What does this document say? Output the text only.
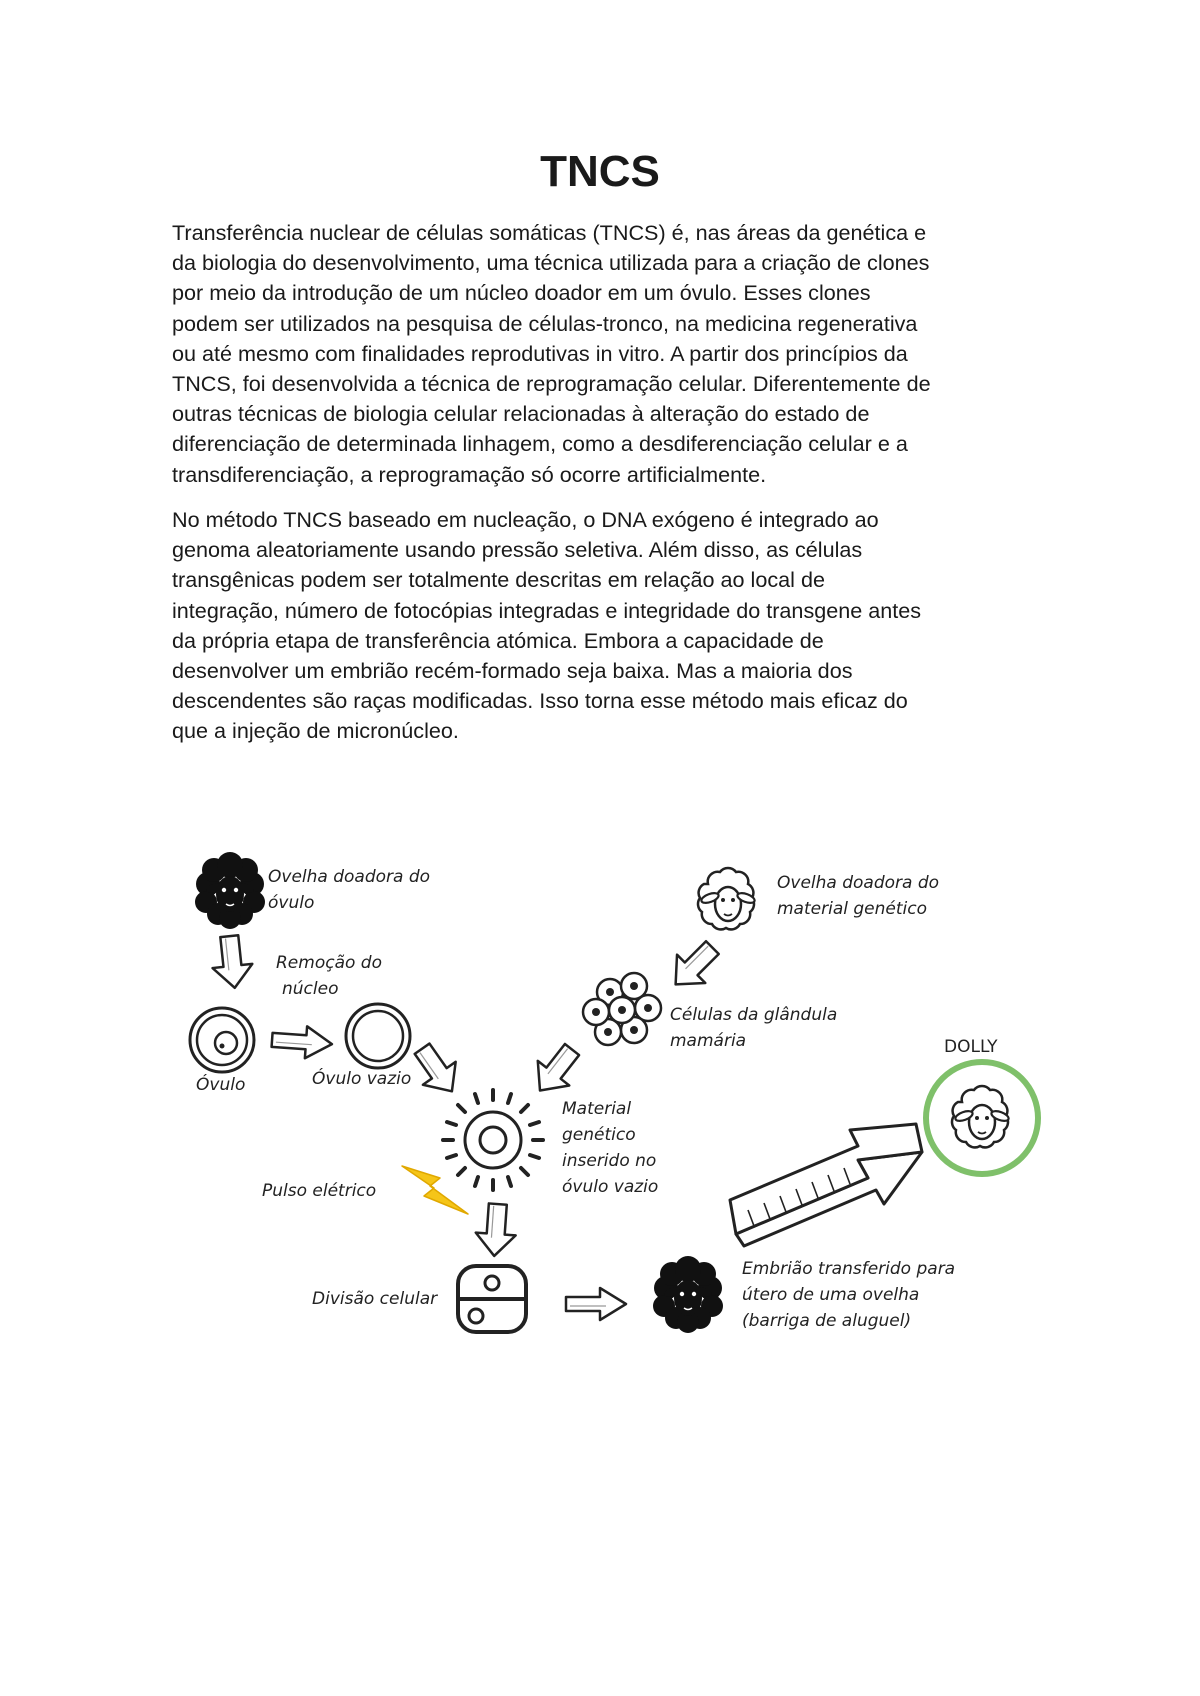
TNCS

Transferência nuclear de células somáticas (TNCS) é, nas áreas da genética e
da biologia do desenvolvimento, uma técnica utilizada para a criação de clones
por meio da introdução de um núcleo doador em um óvulo. Esses clones
podem ser utilizados na pesquisa de células-tronco, na medicina regenerativa
ou até mesmo com finalidades reprodutivas in vitro. A partir dos princípios da
TNCS, foi desenvolvida a técnica de reprogramação celular. Diferentemente de
outras técnicas de biologia celular relacionadas à alteração do estado de
diferenciação de determinada linhagem, como a desdiferenciação celular e a
transdiferenciação, a reprogramação só ocorre artificialmente.

No método TNCS baseado em nucleação, o DNA exógeno é integrado ao
genoma aleatoriamente usando pressão seletiva. Além disso, as células
transgênicas podem ser totalmente descritas em relação ao local de
integração, número de fotocópias integradas e integridade do transgene antes
da própria etapa de transferência atómica. Embora a capacidade de
desenvolver um embrião recém-formado seja baixa. Mas a maioria dos
descendentes são raças modificadas. Isso torna esse método mais eficaz do
que a injeção de micronúcleo.

Ovelha doadora do
óvulo
Remoção do
núcleo
Óvulo	Óvulo vazio
Ovelha doadora do
material genético
Células da glândula
mamária
Material
genético
inserido no
óvulo vazio
Pulso elétrico
Divisão celular
Embrião transferido para
útero de uma ovelha
(barriga de aluguel)
DOLLY
